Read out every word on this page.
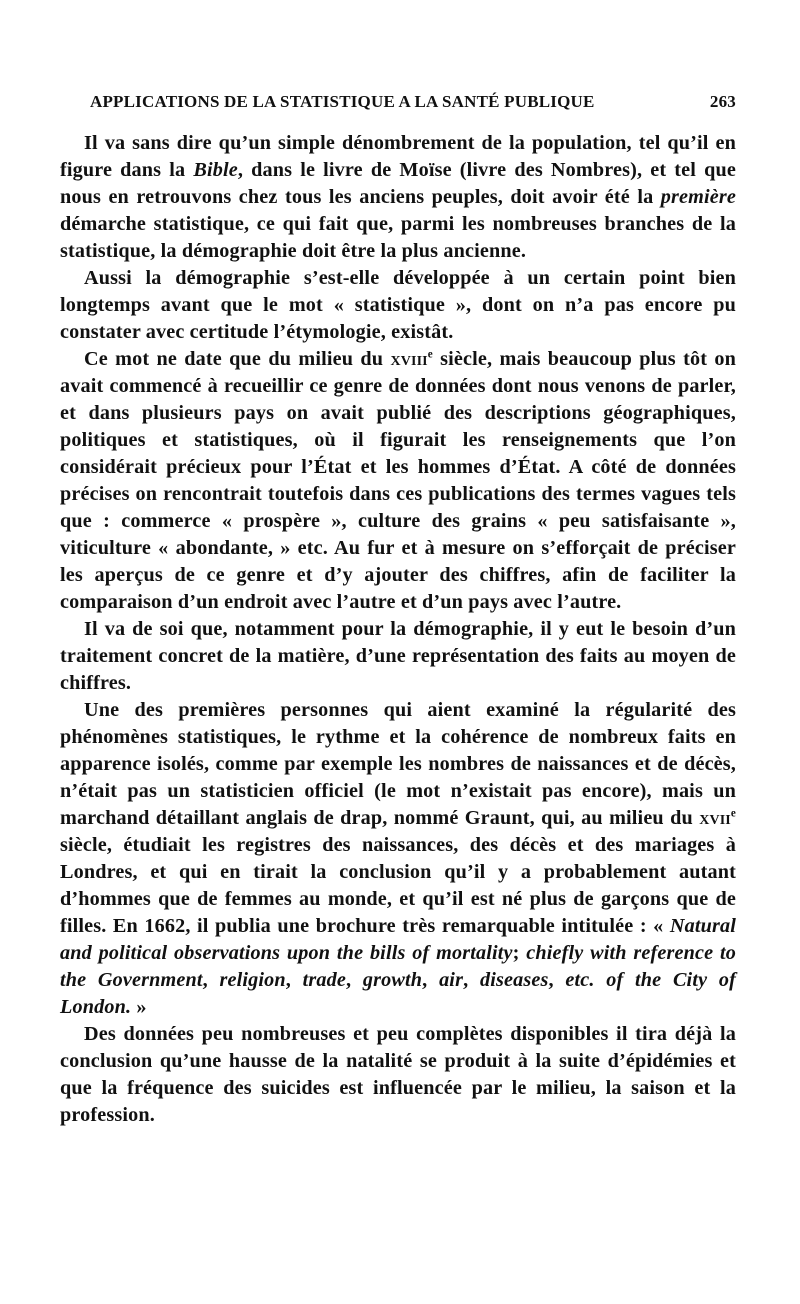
APPLICATIONS DE LA STATISTIQUE A LA SANTÉ PUBLIQUE	263

Il va sans dire qu’un simple dénombrement de la population, tel qu’il en figure dans la Bible, dans le livre de Moïse (livre des Nombres), et tel que nous en retrouvons chez tous les anciens peuples, doit avoir été la première démarche statistique, ce qui fait que, parmi les nombreuses branches de la statistique, la démographie doit être la plus ancienne.

Aussi la démographie s’est-elle développée à un certain point bien longtemps avant que le mot « statistique », dont on n’a pas encore pu constater avec certitude l’étymologie, existât.

Ce mot ne date que du milieu du xviii$^e$ siècle, mais beaucoup plus tôt on avait commencé à recueillir ce genre de données dont nous venons de parler, et dans plusieurs pays on avait publié des descriptions géographiques, politiques et statistiques, où il figurait les renseignements que l’on considérait précieux pour l’État et les hommes d’État. A côté de données précises on rencontrait toutefois dans ces publications des termes vagues tels que : commerce « prospère », culture des grains « peu satisfaisante », viticulture « abondante, » etc. Au fur et à mesure on s’efforçait de préciser les aperçus de ce genre et d’y ajouter des chiffres, afin de faciliter la comparaison d’un endroit avec l’autre et d’un pays avec l’autre.

Il va de soi que, notamment pour la démographie, il y eut le besoin d’un traitement concret de la matière, d’une représentation des faits au moyen de chiffres.

Une des premières personnes qui aient examiné la régularité des phénomènes statistiques, le rythme et la cohérence de nombreux faits en apparence isolés, comme par exemple les nombres de naissances et de décès, n’était pas un statisticien officiel (le mot n’existait pas encore), mais un marchand détaillant anglais de drap, nommé Graunt, qui, au milieu du xvii$^e$ siècle, étudiait les registres des naissances, des décès et des mariages à Londres, et qui en tirait la conclusion qu’il y a probablement autant d’hommes que de femmes au monde, et qu’il est né plus de garçons que de filles. En 1662, il publia une brochure très remarquable intitulée : « Natural and political observations upon the bills of mortality; chiefly with reference to the Government, religion, trade, growth, air, diseases, etc. of the City of London. »

Des données peu nombreuses et peu complètes disponibles il tira déjà la conclusion qu’une hausse de la natalité se produit à la suite d’épidémies et que la fréquence des suicides est influencée par le milieu, la saison et la profession.
